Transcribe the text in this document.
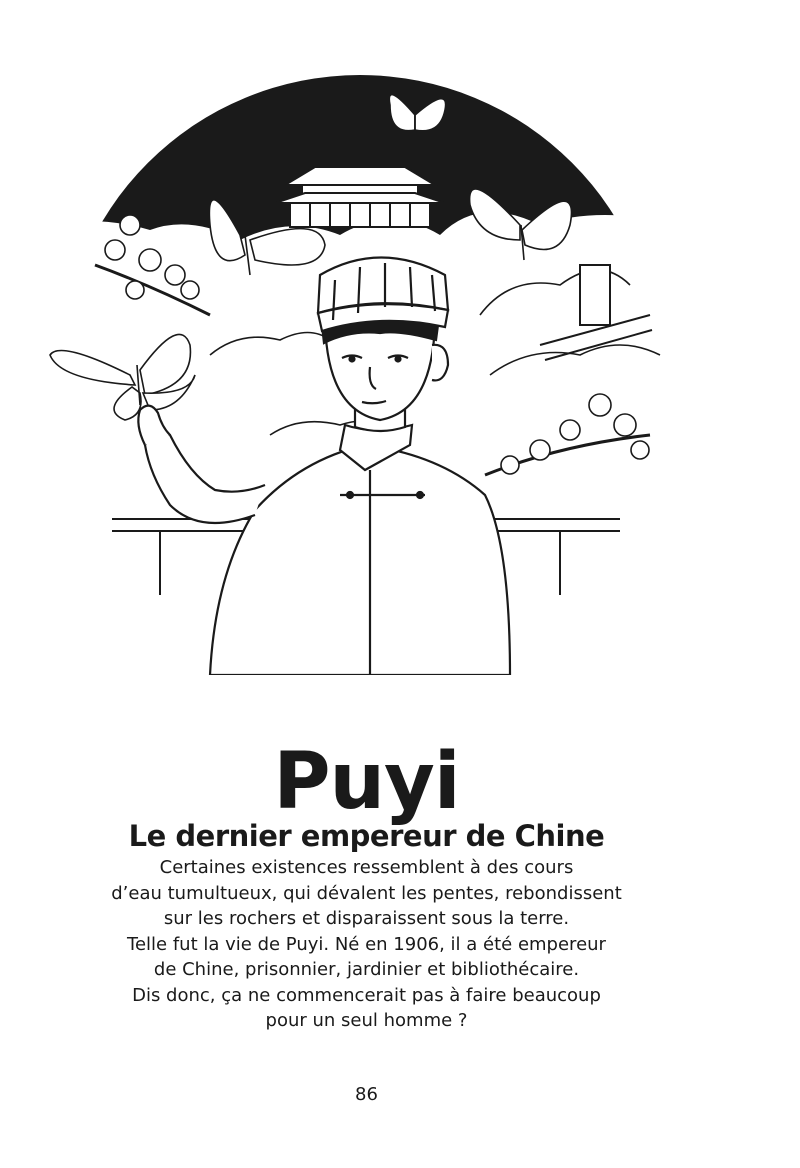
Puyi
Le dernier empereur de Chine
Certaines existences ressemblent à des cours
d’eau tumultueux, qui dévalent les pentes, rebondissent
sur les rochers et disparaissent sous la terre.
Telle fut la vie de Puyi. Né en 1906, il a été empereur
de Chine, prisonnier, jardinier et bibliothécaire.
Dis donc, ça ne commencerait pas à faire beaucoup
pour un seul homme ?
86
